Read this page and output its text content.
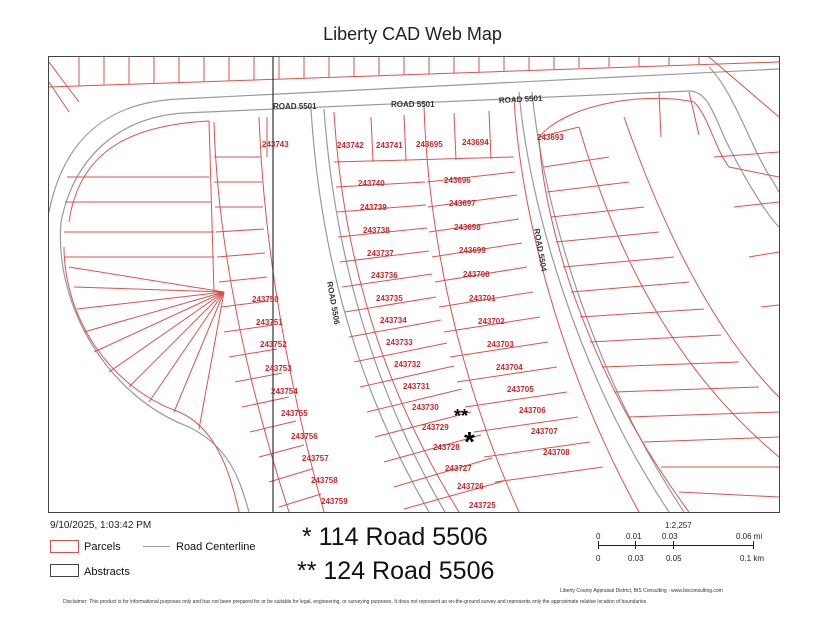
Liberty CAD Web Map
ROAD 5501	ROAD 5501	ROAD 5501
ROAD 5506
ROAD 5504
243743	243742 243741 243695 243694
243693
243740
243739
243738
243737
243736
243735
243734
243733
243732
243731
243730
243729
243728
243727
243726
243725
243696
243697
243698
243699
243700
243701
243702
243703
243704
243705
243706
243707
243708
243750
243751
243752
243753
243754
243755
243756
243757
243758
243759
**
*
9/10/2025, 1:03:42 PM
Parcels	Road Centerline
Abstracts
* 114 Road 5506
** 124 Road 5506
1:2,257
0	0.01	0.03	0.06 mi
0	0.03	0.05	0.1 km
Liberty County Appraisal District, BIS Consulting - www.bisconsulting.com
Disclaimer: This product is for informational purposes only and has not been prepared for or be suitable for legal, engineering, or surveying purposes. It does not represent an on-the-ground survey and represents only the approximate relative location of boundaries.
